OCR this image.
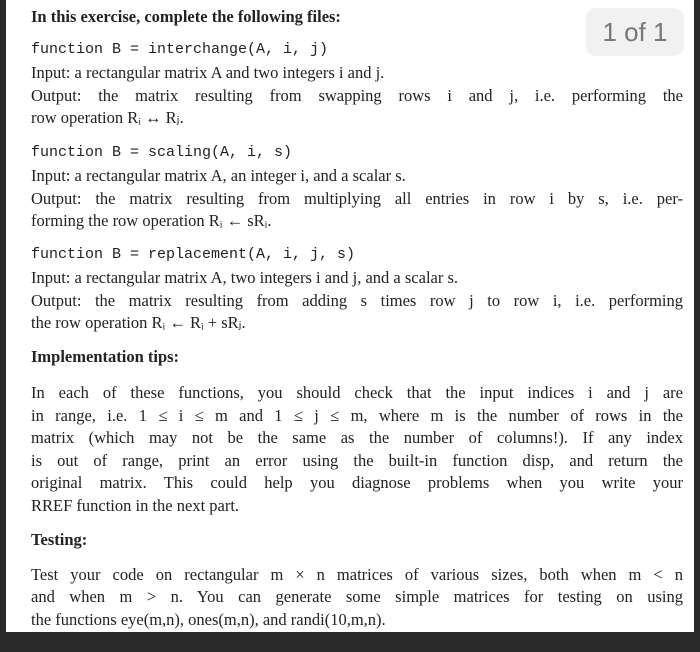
In this exercise, complete the following files:
function B = interchange(A, i, j)
Input: a rectangular matrix A and two integers i and j.
Output: the matrix resulting from swapping rows i and j, i.e. performing the
row operation Rᵢ ↔ Rⱼ.
function B = scaling(A, i, s)
Input: a rectangular matrix A, an integer i, and a scalar s.
Output: the matrix resulting from multiplying all entries in row i by s, i.e. per-
forming the row operation Rᵢ ← sRᵢ.
function B = replacement(A, i, j, s)
Input: a rectangular matrix A, two integers i and j, and a scalar s.
Output: the matrix resulting from adding s times row j to row i, i.e. performing
the row operation Rᵢ ← Rᵢ + sRⱼ.
Implementation tips:
In each of these functions, you should check that the input indices i and j are
in range, i.e. 1 ≤ i ≤ m and 1 ≤ j ≤ m, where m is the number of rows in the
matrix (which may not be the same as the number of columns!). If any index
is out of range, print an error using the built-in function disp, and return the
original matrix. This could help you diagnose problems when you write your
RREF function in the next part.
Testing:
Test your code on rectangular m × n matrices of various sizes, both when m < n
and when m > n. You can generate some simple matrices for testing on using
the functions eye(m,n), ones(m,n), and randi(10,m,n).
1 of 1
